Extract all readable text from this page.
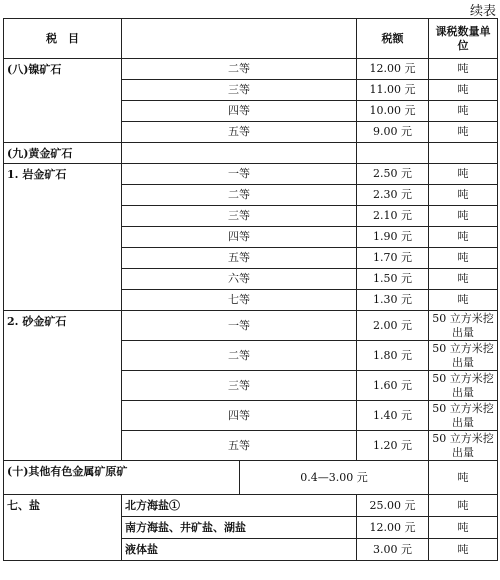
续表
税　目			税额	课税数量单位
(八)镍矿石	二等		12.00 元	吨
	三等		11.00 元	吨
	四等		10.00 元	吨
	五等		9.00 元	吨
(九)黄金矿石				
1. 岩金矿石	一等		2.50 元	吨
	二等		2.30 元	吨
	三等		2.10 元	吨
	四等		1.90 元	吨
	五等		1.70 元	吨
	六等		1.50 元	吨
	七等		1.30 元	吨
2. 砂金矿石	一等		2.00 元	50 立方米挖出量
	二等		1.80 元	50 立方米挖出量
	三等		1.60 元	50 立方米挖出量
	四等		1.40 元	50 立方米挖出量
	五等		1.20 元	50 立方米挖出量
(十)其他有色金属矿原矿		0.4—3.00 元		吨
七、盐	北方海盐①		25.00 元	吨
	南方海盐、井矿盐、湖盐		12.00 元	吨
	液体盐		3.00 元	吨
